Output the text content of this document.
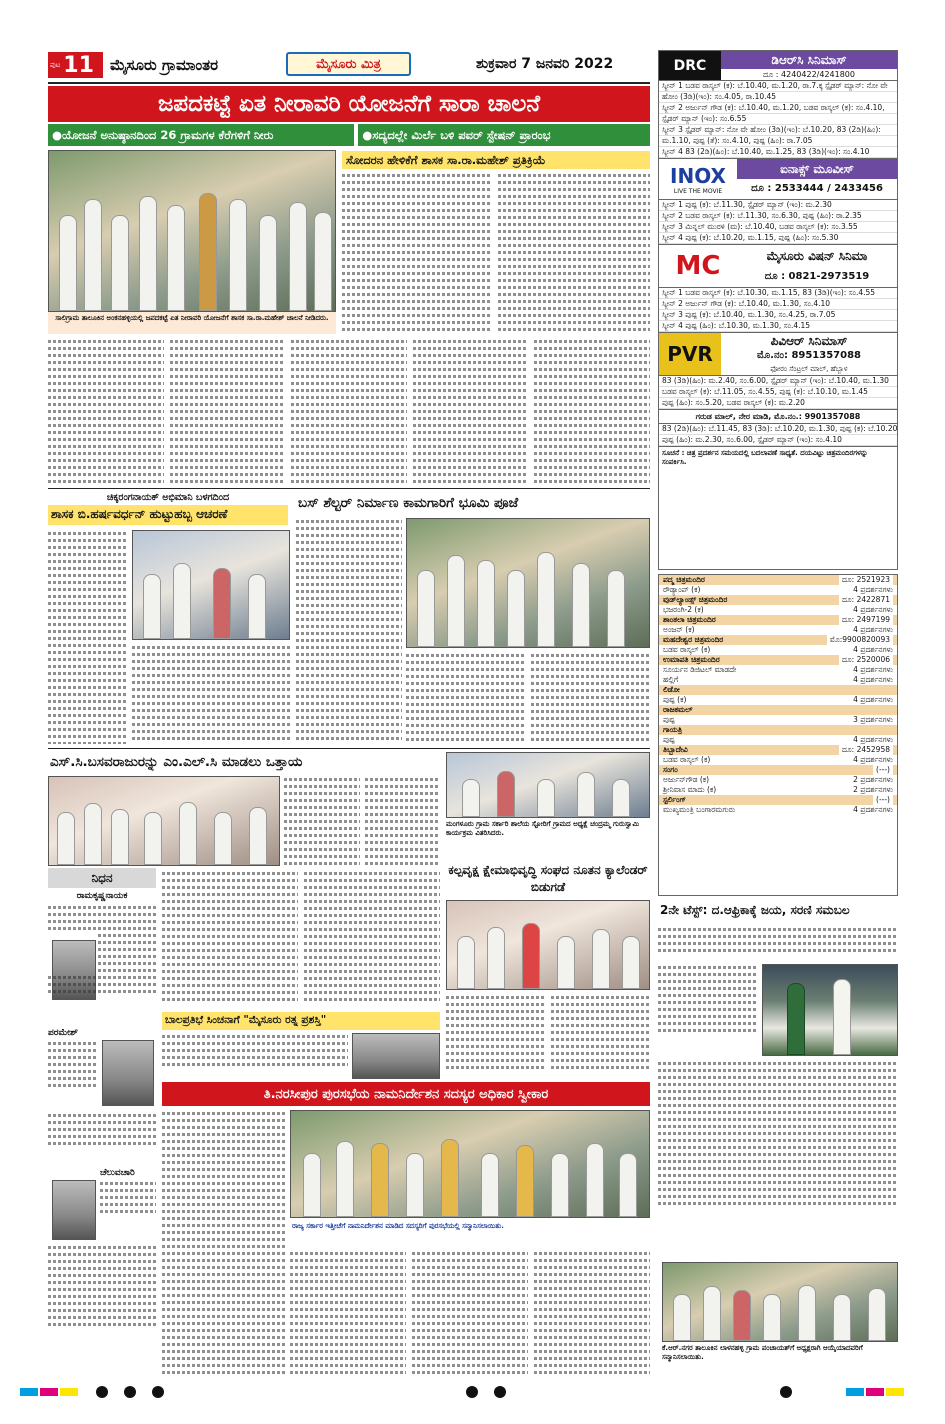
ಪುಟ 11 ಮೈಸೂರು ಗ್ರಾಮಾಂತರ	ಮೈಸೂರು ಮಿತ್ರ	ಶುಕ್ರವಾರ 7 ಜನವರಿ 2022
ಜಪದಕಟ್ಟೆ ಏತ ನೀರಾವರಿ ಯೋಜನೆಗೆ ಸಾರಾ ಚಾಲನೆ
●ಯೋಜನೆ ಅನುಷ್ಠಾನದಿಂದ 26 ಗ್ರಾಮಗಳ ಕೆರೆಗಳಿಗೆ ನೀರು	●ಸದ್ಯದಲ್ಲೇ ಮಿರ್ಲೆ ಬಳಿ ಪವರ್ ಸ್ಟೇಷನ್ ಪ್ರಾರಂಭ
ಸಾಲಿಗ್ರಾಮ ತಾಲೂಕಿನ ಅಂಕನಹಳ್ಳಿಯಲ್ಲಿ ಜಪದಕಟ್ಟೆ ಏತ ನೀರಾವರಿ ಯೋಜನೆಗೆ ಶಾಸಕ ಸಾ.ರಾ.ಮಹೇಶ್ ಚಾಲನೆ ನೀಡಿದರು.
ಸೋದರನ ಹೇಳಿಕೆಗೆ ಶಾಸಕ ಸಾ.ರಾ.ಮಹೇಶ್ ಪ್ರತಿಕ್ರಿಯೆ
ಚಿಕ್ಕರಂಗನಾಯಕ್ ಅಭಿಮಾನಿ ಬಳಗದಿಂದ
ಶಾಸಕ ಬಿ.ಹರ್ಷವರ್ಧನ್ ಹುಟ್ಟುಹಬ್ಬ ಆಚರಣೆ
ಬಸ್ ಶೆಲ್ಟರ್ ನಿರ್ಮಾಣ ಕಾಮಗಾರಿಗೆ ಭೂಮಿ ಪೂಜೆ
ಎಸ್.ಸಿ.ಬಸವರಾಜುರನ್ನು ಎಂ.ಎಲ್.ಸಿ ಮಾಡಲು ಒತ್ತಾಯ
ಮಂಗಳೂರು ಗ್ರಾಮ ಸರ್ಕಾರಿ ಶಾಲೆಯ ಸ್ಟೋರಿಗೆ ಗ್ರಾಮದ ಅಧ್ಯಕ್ಷೆ ಚಂದ್ರಮ್ಮ ಗುರುಸ್ವಾಮಿ ಕಾರ್ಯಕ್ರಮ ವಿತರಿಸಿದರು.
ನಿಧನ
ರಾಮಕೃಷ್ಣನಾಯಕ
ಪರಮೇಶ್
ಚೆಲುವಚಾರಿ
ಕಲ್ಪವೃಕ್ಷ ಕ್ಷೇಮಾಭಿವೃದ್ಧಿ ಸಂಘದ ನೂತನ ಕ್ಯಾಲೆಂಡರ್ ಬಿಡುಗಡೆ
ಬಾಲಪ್ರತಿಭೆ ಸಿಂಚನಾಗೆ "ಮೈಸೂರು ರತ್ನ ಪ್ರಶಸ್ತಿ"
ತಿ.ನರಸೀಪುರ ಪುರಸಭೆಯ ನಾಮನಿರ್ದೇಶನ ಸದಸ್ಯರ ಅಧಿಕಾರ ಸ್ವೀಕಾರ
ರಾಜ್ಯ ಸರ್ಕಾರ ಇತ್ತೀಚೆಗೆ ನಾಮನಿರ್ದೇಶನ ಮಾಡಿದ ಸದಸ್ಯರಿಗೆ ಪುರಸಭೆಯಲ್ಲಿ ಸನ್ಮಾನಿಸಲಾಯಿತು.
DRC	ಡಿಆರ್‌ಸಿ ಸಿನಿಮಾಸ್
ದೂ : 4240422/4241800
ಸ್ಕ್ರೀನ್ 1 ಬಡವ ರಾಸ್ಕಲ್ (ಕ): ಬೆ.10.40, ಮ.1.20, ರಾ.7.ಕ್ಕ ಸ್ಪೈಡರ್ ಮ್ಯಾನ್: ನೋ ವೇ
ಹೋಂ (3ಡಿ)(ಇಂ): ಸಂ.4.05, ರಾ.10.45
ಸ್ಕ್ರೀನ್ 2 ಅರ್ಜುನ್ ಗೌಡ (ಕ): ಬೆ.10.40, ಮ.1.20, ಬಡವ ರಾಸ್ಕಲ್ (ಕ): ಸಂ.4.10,
ಸ್ಪೈಡರ್ ಮ್ಯಾನ್ (ಇಂ): ಸಂ.6.55
ಸ್ಕ್ರೀನ್ 3 ಸ್ಪೈಡರ್ ಮ್ಯಾನ್: ನೋ ವೇ ಹೋಂ (3ಡಿ)(ಇಂ): ಬೆ.10.20, 83 (2ಡಿ)(ಹಿಂ):
ಮ.1.10, ಪುಷ್ಪ (ತೆ): ಸಂ.4.10, ಪುಷ್ಪ (ಹಿಂ): ರಾ.7.05
ಸ್ಕ್ರೀನ್ 4 83 (2ಡಿ)(ಹಿಂ): ಬೆ.10.40, ಮ.1.25, 83 (3ಡಿ)(ಇಂ): ಸಂ.4.10
INOX
LIVE THE MOVIE
ಐನಾಕ್ಸ್ ಮೂವೀಸ್
ದೂ : 2533444 / 2433456
ಸ್ಕ್ರೀನ್ 1 ಪುಷ್ಪ (ಕ): ಬೆ.11.30, ಸ್ಪೈಡರ್ ಮ್ಯಾನ್ (ಇಂ): ಮ.2.30
ಸ್ಕ್ರೀನ್ 2 ಬಡವ ರಾಸ್ಕಲ್ (ಕ): ಬೆ.11.30, ಸಂ.6.30, ಪುಷ್ಪ (ಹಿಂ): ರಾ.2.35
ಸ್ಕ್ರೀನ್ 3 ಮಿನ್ನಲ್ ಮುರಳಿ (ಮ): ಬೆ.10.40, ಬಡವ ರಾಸ್ಕಲ್ (ಕ): ಸಂ.3.55
ಸ್ಕ್ರೀನ್ 4 ಪುಷ್ಪ (ಕ): ಬೆ.10.20, ಮ.1.15, ಪುಷ್ಪ (ಹಿಂ): ಸಂ.5.30
MC	ಮೈಸೂರು ವಿಷನ್ ಸಿನಿಮಾ
ದೂ : 0821-2973519
ಸ್ಕ್ರೀನ್ 1 ಬಡವ ರಾಸ್ಕಲ್ (ಕ): ಬೆ.10.30, ಮ.1.15, 83 (3ಡಿ)(ಇಂ): ಸಂ.4.55
ಸ್ಕ್ರೀನ್ 2 ಅರ್ಜುನ್ ಗೌಡ (ಕ): ಬೆ.10.40, ಮ.1.30, ಸಂ.4.10
ಸ್ಕ್ರೀನ್ 3 ಪುಷ್ಪ (ಕ): ಬೆ.10.40, ಮ.1.30, ಸಂ.4.25, ರಾ.7.05
ಸ್ಕ್ರೀನ್ 4 ಪುಷ್ಪ (ಹಿಂ): ಬೆ.10.30, ಮ.1.30, ಸಂ.4.15
PVR
ಪಿವಿಆರ್ ಸಿನಿಮಾಸ್
ಮೊ.ನಂ: 8951357088
ಫೋರಂ ಸೆಂಟ್ರಲ್ ಮಾಲ್, ಹೆಬ್ಬಾಳ
83 (3ಡಿ)(ಹಿಂ): ಮ.2.40, ಸಂ.6.00, ಸ್ಪೈಡರ್ ಮ್ಯಾನ್ (ಇಂ): ಬೆ.10.40, ಮ.1.30
ಬಡವ ರಾಸ್ಕಲ್ (ಕ): ಬೆ.11.05, ಸಂ.4.55, ಪುಷ್ಪ (ಕ): ಬೆ.10.10, ಮ.1.45
ಪುಷ್ಪ (ಹಿಂ): ಸಂ.5.20, ಬಡವ ರಾಸ್ಕಲ್ (ಕ): ಮ.2.20
ಗರುಡ ಮಾಲ್, ನೇರ ಮಾಡಿ, ಮೊ.ನಂ.: 9901357088
83 (2ಡಿ)(ಹಿಂ): ಬೆ.11.45, 83 (3ಡಿ): ಬೆ.10.20, ಮ.1.30, ಪುಷ್ಪ (ಕ): ಬೆ.10.20
ಪುಷ್ಪ (ಹಿಂ): ಮ.2.30, ಸಂ.6.00, ಸ್ಪೈಡರ್ ಮ್ಯಾನ್ (ಇಂ): ಸಂ.4.10
ಸೂಚನೆ : ಚಿತ್ರ ಪ್ರದರ್ಶನ ಸಮಯದಲ್ಲಿ ಬದಲಾವಣೆ ಸಾಧ್ಯತೆ. ದಯವಿಟ್ಟು ಚಿತ್ರಮಂದಿರಗಳನ್ನು ಸಂಪರ್ಕಿಸಿ.
ಪದ್ಮ ಚಿತ್ರಮಂದಿರ	ದೂ: 2521923
ರೌಡ್ಯಾಂಪ್ (ಕ)	4 ಪ್ರದರ್ಶನಗಳು
ವುಡ್‌ಲ್ಯಾಂಡ್ಸ್ ಚಿತ್ರಮಂದಿರ	ದೂ: 2422871
ಭಜರಂಗಿ-2 (ಕ)	4 ಪ್ರದರ್ಶನಗಳು
ಶಾಂತಲಾ ಚಿತ್ರಮಂದಿರ	ದೂ: 2497199
ಅಂಜನ್ (ಕ)	4 ಪ್ರದರ್ಶನಗಳು
ಮಹದೇಶ್ವರ ಚಿತ್ರಮಂದಿರ	ಮೊ:9900820093
ಬಡವ ರಾಸ್ಕಲ್ (ಕ)	4 ಪ್ರದರ್ಶನಗಳು
ಉಮಾಪತಿ ಚಿತ್ರಮಂದಿರ	ದೂ: 2520006
ಸೂರ್ಯನ ಡಿಜಿಟಲ್ ಮಾಡದೇ	4 ಪ್ರದರ್ಶನಗಳು
ಹಲ್ಲಿಗೆ	4 ಪ್ರದರ್ಶನಗಳು
ಲಿಡೋ
ಪುಷ್ಪ (ಕ)	4 ಪ್ರದರ್ಶನಗಳು
ರಾಜಕಮಲ್
ಪುಷ್ಪ	3 ಪ್ರದರ್ಶನಗಳು
ಗಾಯತ್ರಿ
ಪುಷ್ಪ	4 ಪ್ರದರ್ಶನಗಳು
ತಿಬ್ಬಾದೇವಿ	ದೂ: 2452958
ಬಡವ ರಾಸ್ಕಲ್ (ಕ)	4 ಪ್ರದರ್ಶನಗಳು
ಸಂಗಂ	(---)
ಅರ್ಜುನ್‌ಗೌಡ (ಕ)	2 ಪ್ರದರ್ಶನಗಳು
ಶ್ರೀನಿವಾಸ ಮಾದು (ಕ)	2 ಪ್ರದರ್ಶನಗಳು
ಸ್ಟರ್ಲಿಂಗ್	(---)
ಮುಖ್ಯಮಂತ್ರಿ ಬಂಗಾರಮಗುರು	4 ಪ್ರದರ್ಶನಗಳು
2ನೇ ಟೆಸ್ಟ್: ದ.ಆಫ್ರಿಕಾಕ್ಕೆ ಜಯ, ಸರಣಿ ಸಮಬಲ
ಕೆ.ಆರ್.ನಗರ ತಾಲೂಕಿನ ಲಾಳನಹಳ್ಳಿ ಗ್ರಾಮ ಪಂಚಾಯತ್‌ಗೆ ಅಧ್ಯಕ್ಷರಾಗಿ ಆಯ್ಕೆಯಾದವರಿಗೆ ಸನ್ಮಾನಿಸಲಾಯಿತು.
